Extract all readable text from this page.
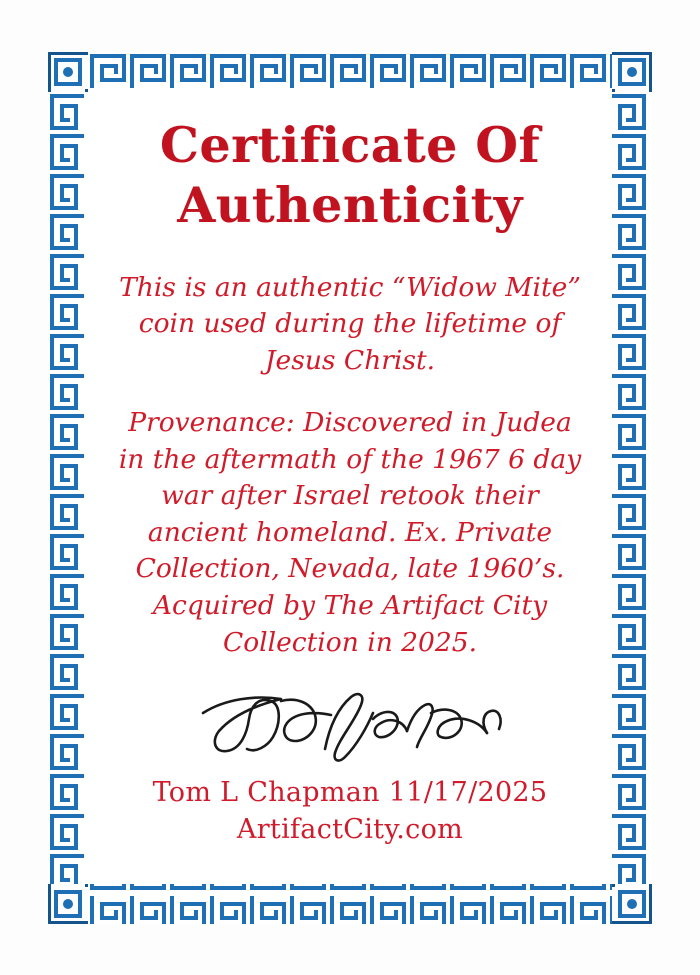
Certificate Of
Authenticity

This is an authentic “Widow Mite” coin used during the lifetime of Jesus Christ.

Provenance: Discovered in Judea in the aftermath of the 1967 6 day war after Israel retook their ancient homeland. Ex. Private Collection, Nevada, late 1960’s. Acquired by The Artifact City Collection in 2025.

Tom L Chapman 11/17/2025

ArtifactCity.com
